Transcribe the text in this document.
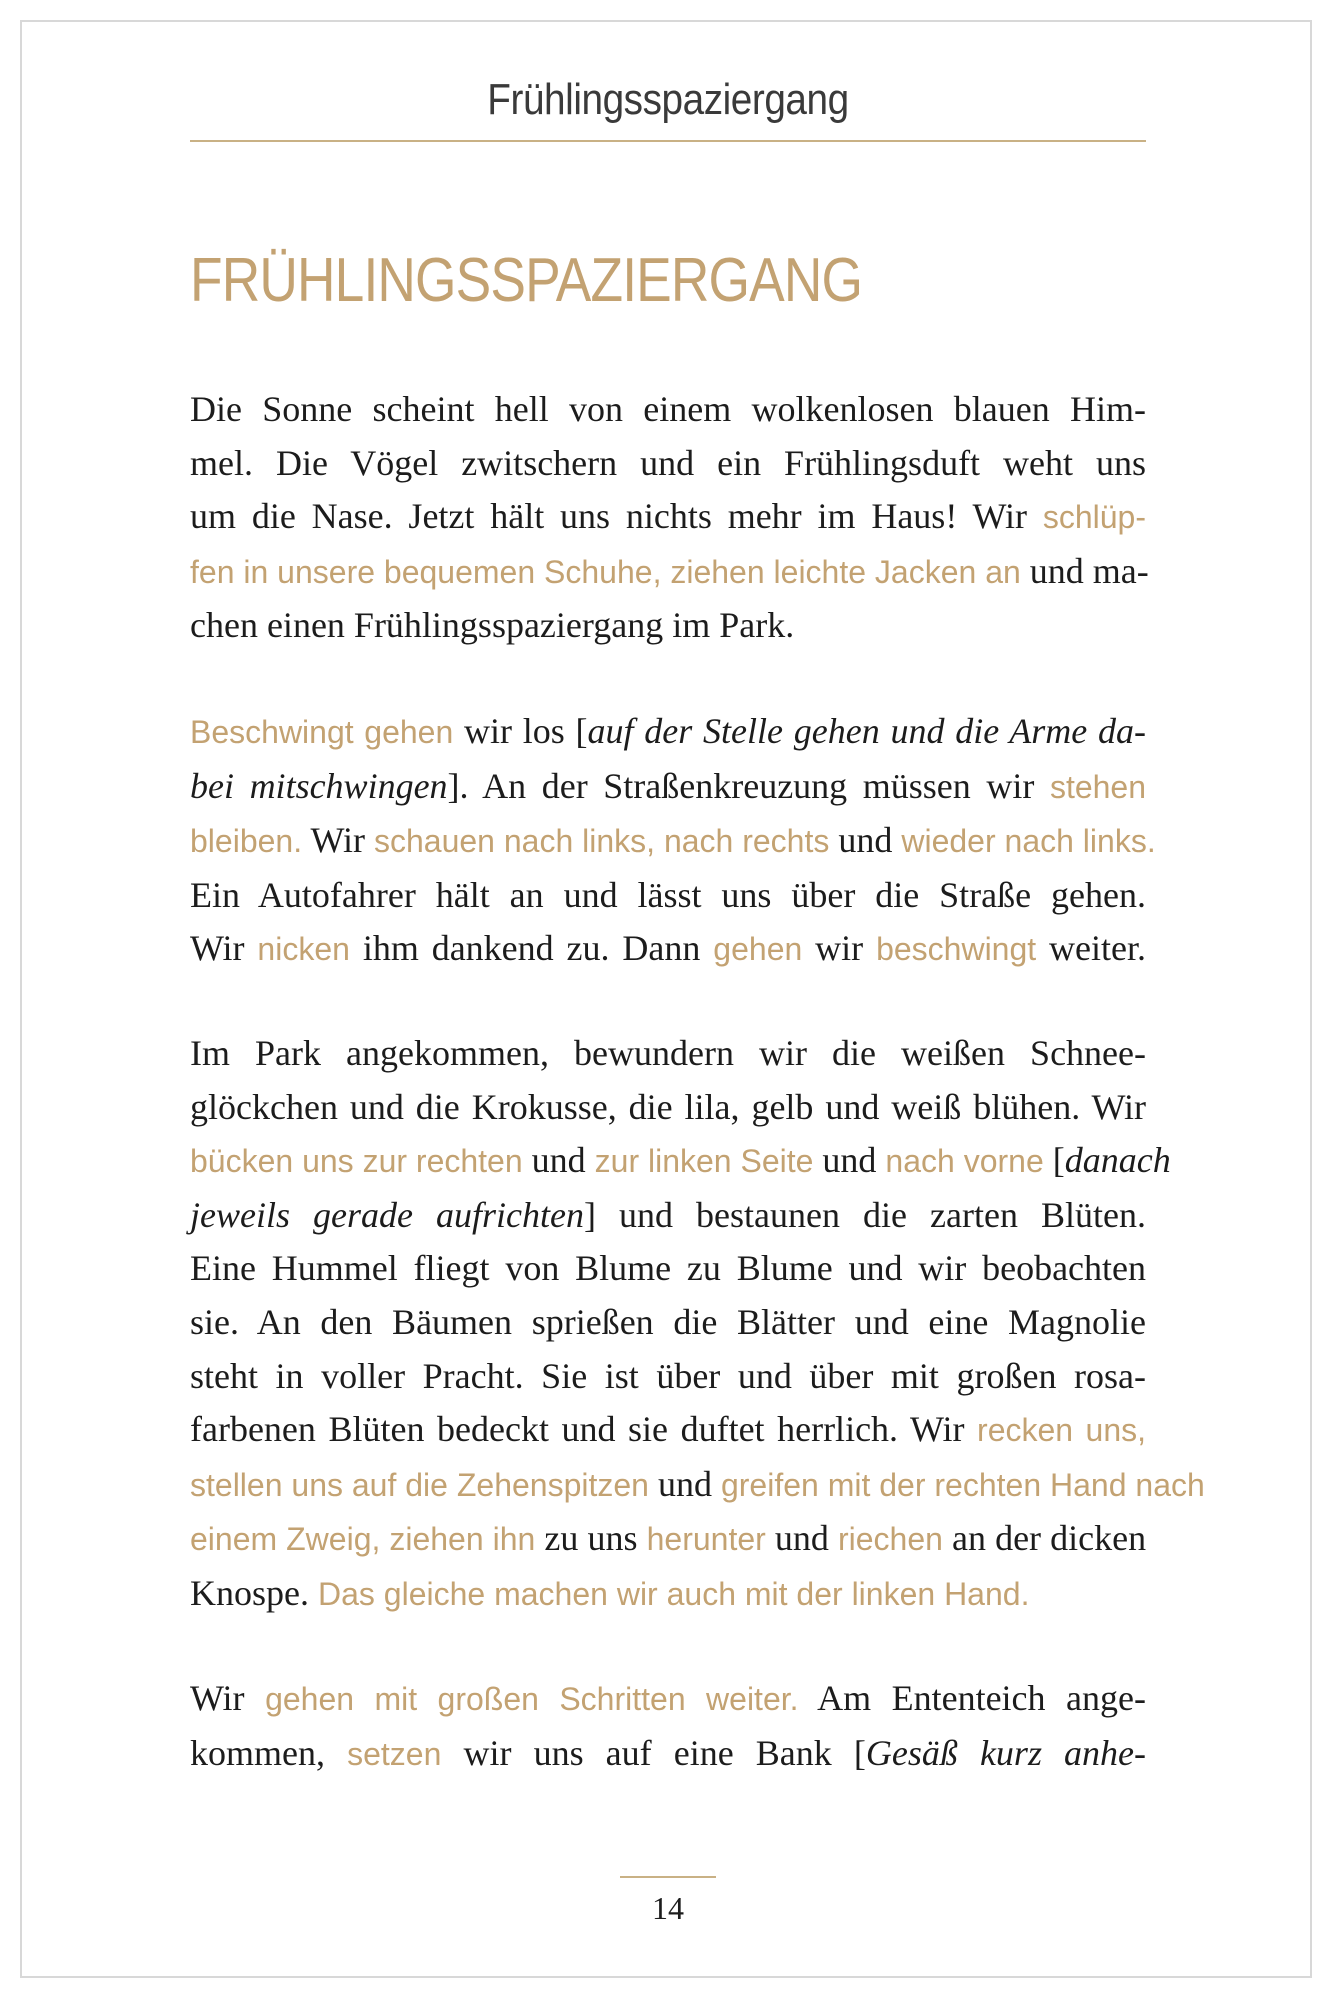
Frühlingsspaziergang
FRÜHLINGSSPAZIERGANG
Die Sonne scheint hell von einem wolkenlosen blauen Him-
mel. Die Vögel zwitschern und ein Frühlingsduft weht uns
um die Nase. Jetzt hält uns nichts mehr im Haus! Wir schlüp-
fen in unsere bequemen Schuhe, ziehen leichte Jacken an und ma-
chen einen Frühlingsspaziergang im Park.
Beschwingt gehen wir los [auf der Stelle gehen und die Arme da-
bei mitschwingen]. An der Straßenkreuzung müssen wir stehen
bleiben. Wir schauen nach links, nach rechts und wieder nach links.
Ein Autofahrer hält an und lässt uns über die Straße gehen.
Wir nicken ihm dankend zu. Dann gehen wir beschwingt weiter.
Im Park angekommen, bewundern wir die weißen Schnee-
glöckchen und die Krokusse, die lila, gelb und weiß blühen. Wir
bücken uns zur rechten und zur linken Seite und nach vorne [danach
jeweils gerade aufrichten] und bestaunen die zarten Blüten.
Eine Hummel fliegt von Blume zu Blume und wir beobachten
sie. An den Bäumen sprießen die Blätter und eine Magnolie
steht in voller Pracht. Sie ist über und über mit großen rosa-
farbenen Blüten bedeckt und sie duftet herrlich. Wir recken uns,
stellen uns auf die Zehenspitzen und greifen mit der rechten Hand nach
einem Zweig, ziehen ihn zu uns herunter und riechen an der dicken
Knospe. Das gleiche machen wir auch mit der linken Hand.
Wir gehen mit großen Schritten weiter. Am Ententeich ange-
kommen, setzen wir uns auf eine Bank [Gesäß kurz anhe-
14
